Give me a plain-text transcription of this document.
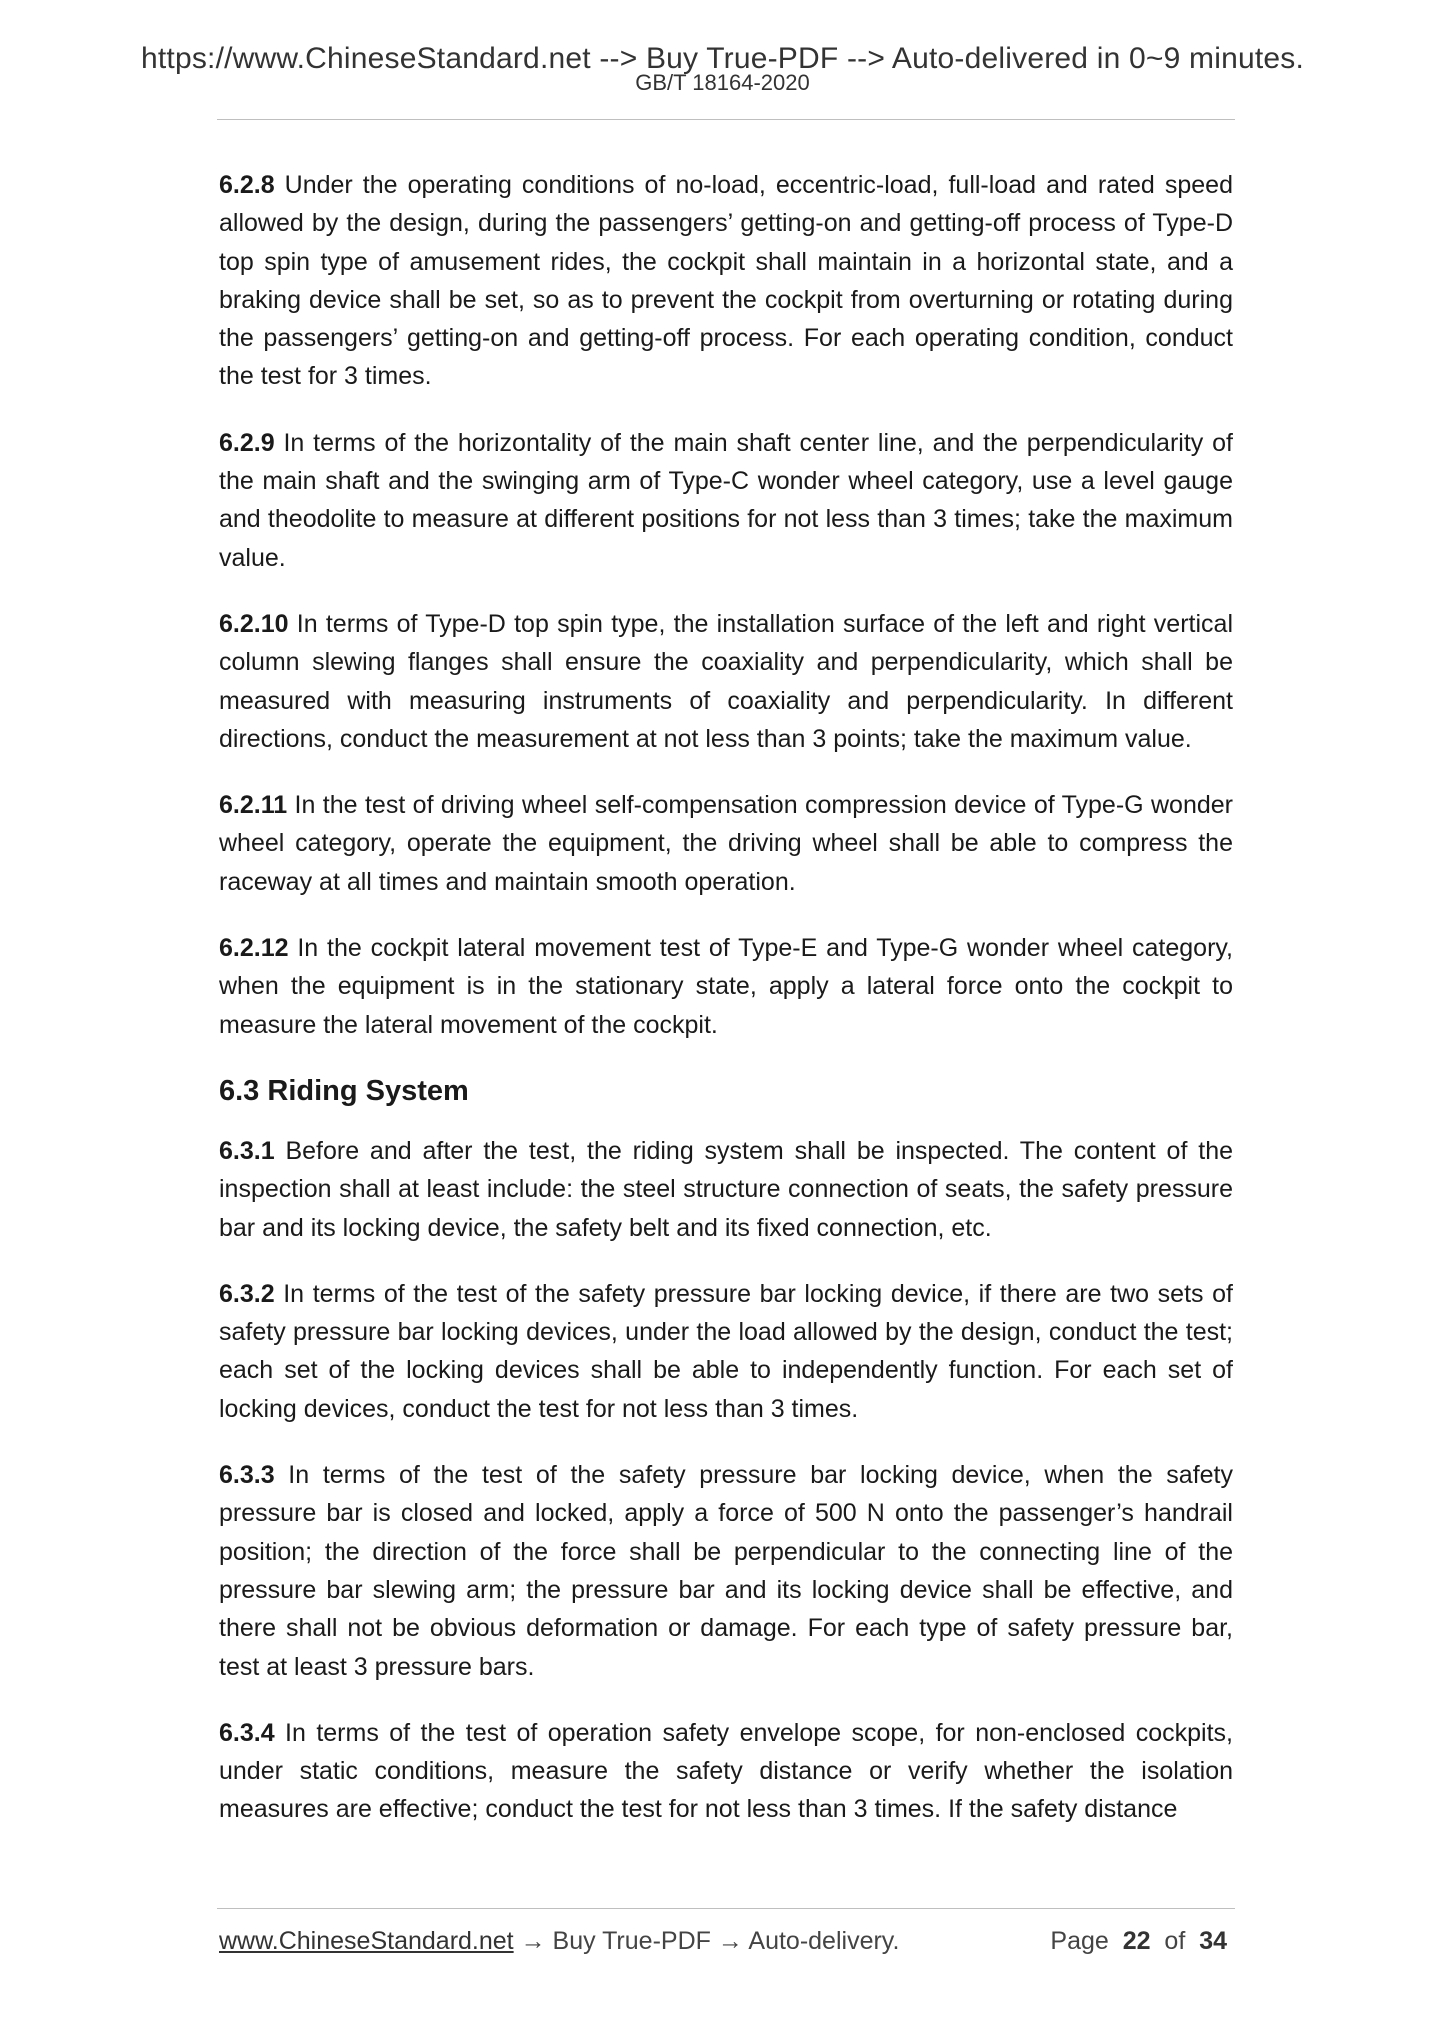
https://www.ChineseStandard.net --> Buy True-PDF --> Auto-delivered in 0~9 minutes.
GB/T 18164-2020

6.2.8 Under the operating conditions of no-load, eccentric-load, full-load and rated speed allowed by the design, during the passengers’ getting-on and getting-off process of Type-D top spin type of amusement rides, the cockpit shall maintain in a horizontal state, and a braking device shall be set, so as to prevent the cockpit from overturning or rotating during the passengers’ getting-on and getting-off process. For each operating condition, conduct the test for 3 times.

6.2.9 In terms of the horizontality of the main shaft center line, and the perpendicularity of the main shaft and the swinging arm of Type-C wonder wheel category, use a level gauge and theodolite to measure at different positions for not less than 3 times; take the maximum value.

6.2.10 In terms of Type-D top spin type, the installation surface of the left and right vertical column slewing flanges shall ensure the coaxiality and perpendicularity, which shall be measured with measuring instruments of coaxiality and perpendicularity. In different directions, conduct the measurement at not less than 3 points; take the maximum value.

6.2.11 In the test of driving wheel self-compensation compression device of Type-G wonder wheel category, operate the equipment, the driving wheel shall be able to compress the raceway at all times and maintain smooth operation.

6.2.12 In the cockpit lateral movement test of Type-E and Type-G wonder wheel category, when the equipment is in the stationary state, apply a lateral force onto the cockpit to measure the lateral movement of the cockpit.

6.3 Riding System

6.3.1 Before and after the test, the riding system shall be inspected. The content of the inspection shall at least include: the steel structure connection of seats, the safety pressure bar and its locking device, the safety belt and its fixed connection, etc.

6.3.2 In terms of the test of the safety pressure bar locking device, if there are two sets of safety pressure bar locking devices, under the load allowed by the design, conduct the test; each set of the locking devices shall be able to independently function. For each set of locking devices, conduct the test for not less than 3 times.

6.3.3 In terms of the test of the safety pressure bar locking device, when the safety pressure bar is closed and locked, apply a force of 500 N onto the passenger’s handrail position; the direction of the force shall be perpendicular to the connecting line of the pressure bar slewing arm; the pressure bar and its locking device shall be effective, and there shall not be obvious deformation or damage. For each type of safety pressure bar, test at least 3 pressure bars.

6.3.4 In terms of the test of operation safety envelope scope, for non-enclosed cockpits, under static conditions, measure the safety distance or verify whether the isolation measures are effective; conduct the test for not less than 3 times. If the safety distance

www.ChineseStandard.net → Buy True-PDF → Auto-delivery.	Page 22 of 34
